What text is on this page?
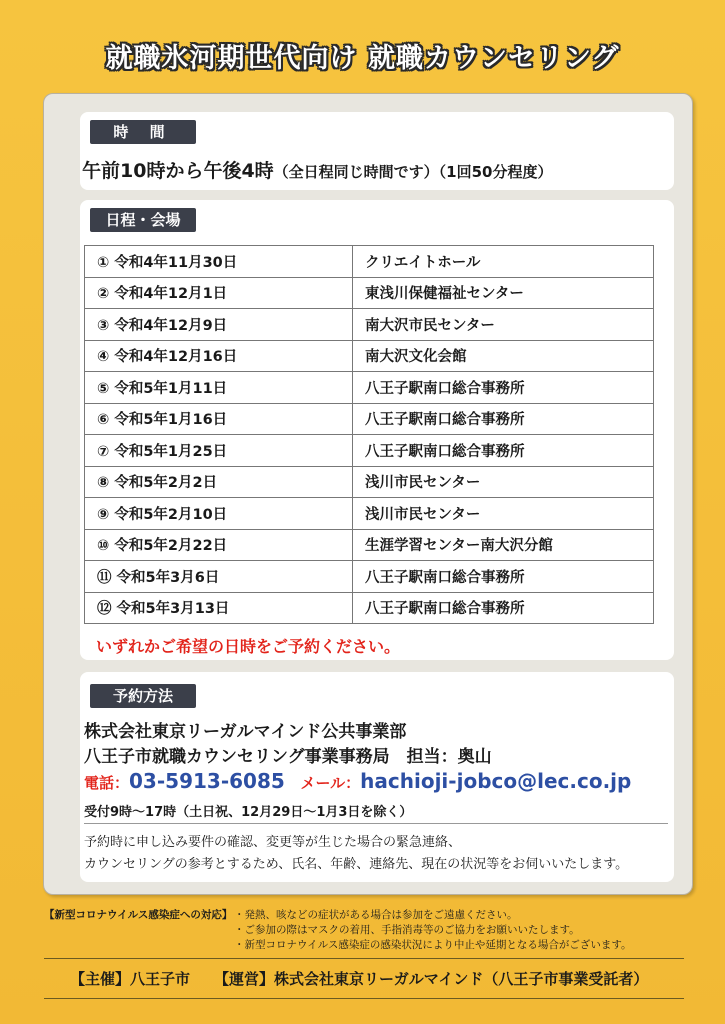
就職氷河期世代向け 就職カウンセリング
時 間
午前10時から午後4時（全日程同じ時間です）（1回50分程度）
日程・会場
① 令和4年11月30日	クリエイトホール
② 令和4年12月1日	東浅川保健福祉センター
③ 令和4年12月9日	南大沢市民センター
④ 令和4年12月16日	南大沢文化会館
⑤ 令和5年1月11日	八王子駅南口総合事務所
⑥ 令和5年1月16日	八王子駅南口総合事務所
⑦ 令和5年1月25日	八王子駅南口総合事務所
⑧ 令和5年2月2日	浅川市民センター
⑨ 令和5年2月10日	浅川市民センター
⑩ 令和5年2月22日	生涯学習センター南大沢分館
⑪ 令和5年3月6日	八王子駅南口総合事務所
⑫ 令和5年3月13日	八王子駅南口総合事務所
いずれかご希望の日時をご予約ください。
予約方法
株式会社東京リーガルマインド公共事業部
八王子市就職カウンセリング事業事務局　担当：奥山
電話：03-5913-6085 メール：hachioji-jobco@lec.co.jp
受付9時～17時（土日祝、12月29日～1月3日を除く）
予約時に申し込み要件の確認、変更等が生じた場合の緊急連絡、
カウンセリングの参考とするため、氏名、年齢、連絡先、現在の状況等をお伺いいたします。
【新型コロナウイルス感染症への対応】 ・発熱、咳などの症状がある場合は参加をご遠慮ください。
・ご参加の際はマスクの着用、手指消毒等のご協力をお願いいたします。
・新型コロナウイルス感染症の感染状況により中止や延期となる場合がございます。
【主催】八王子市 【運営】株式会社東京リーガルマインド（八王子市事業受託者）
